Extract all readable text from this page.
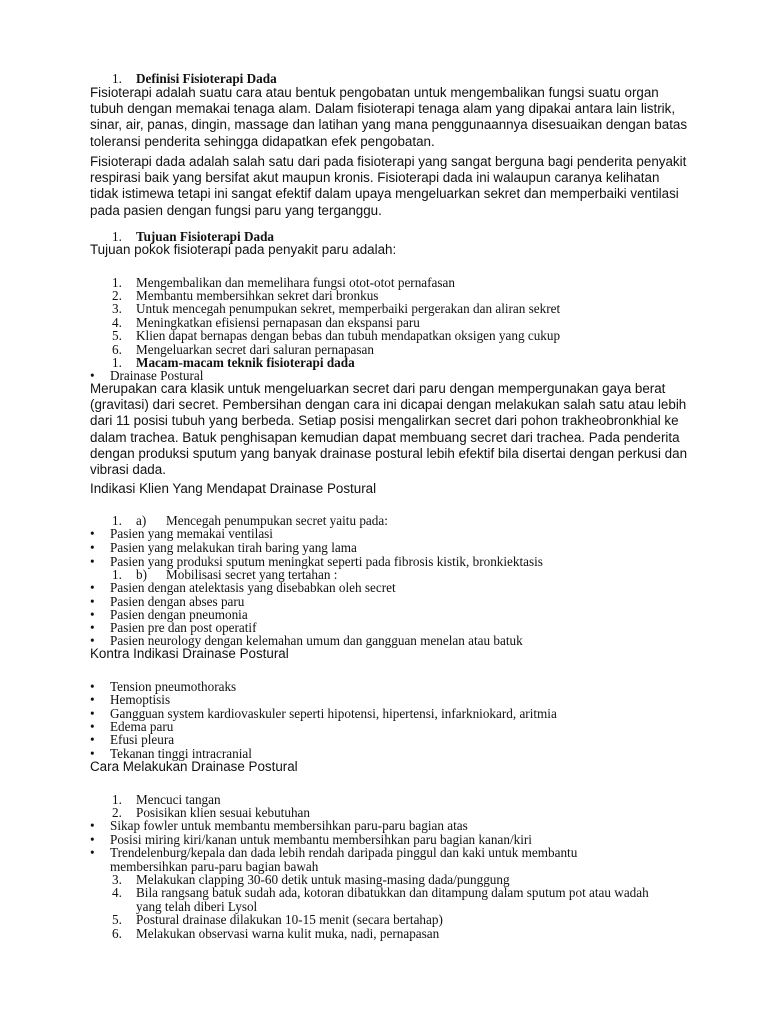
1. Definisi Fisioterapi Dada

Fisioterapi adalah suatu cara atau bentuk pengobatan untuk mengembalikan fungsi suatu organ tubuh dengan memakai tenaga alam. Dalam fisioterapi tenaga alam yang dipakai antara lain listrik, sinar, air, panas, dingin, massage dan latihan yang mana penggunaannya disesuaikan dengan batas toleransi penderita sehingga didapatkan efek pengobatan.

Fisioterapi dada adalah salah satu dari pada fisioterapi yang sangat berguna bagi penderita penyakit respirasi baik yang bersifat akut maupun kronis. Fisioterapi dada ini walaupun caranya kelihatan tidak istimewa tetapi ini sangat efektif dalam upaya mengeluarkan sekret dan memperbaiki ventilasi pada pasien dengan fungsi paru yang terganggu.

1. Tujuan Fisioterapi Dada

Tujuan pokok fisioterapi pada penyakit paru adalah:

1. Mengembalikan dan memelihara fungsi otot-otot pernafasan
2. Membantu membersihkan sekret dari bronkus
3. Untuk mencegah penumpukan sekret, memperbaiki pergerakan dan aliran sekret
4. Meningkatkan efisiensi pernapasan dan ekspansi paru
5. Klien dapat bernapas dengan bebas dan tubuh mendapatkan oksigen yang cukup
6. Mengeluarkan secret dari saluran pernapasan
1. Macam-macam teknik fisioterapi dada
• Drainase Postural

Merupakan cara klasik untuk mengeluarkan secret dari paru dengan mempergunakan gaya berat (gravitasi) dari secret. Pembersihan dengan cara ini dicapai dengan melakukan salah satu atau lebih dari 11 posisi tubuh yang berbeda. Setiap posisi mengalirkan secret dari pohon trakheobronkhial ke dalam trachea. Batuk penghisapan kemudian dapat membuang secret dari trachea. Pada penderita dengan produksi sputum yang banyak drainase postural lebih efektif bila disertai dengan perkusi dan vibrasi dada.

Indikasi Klien Yang Mendapat Drainase Postural

1. a) Mencegah penumpukan secret yaitu pada:
• Pasien yang memakai ventilasi
• Pasien yang melakukan tirah baring yang lama
• Pasien yang produksi sputum meningkat seperti pada fibrosis kistik, bronkiektasis
1. b) Mobilisasi secret yang tertahan :
• Pasien dengan atelektasis yang disebabkan oleh secret
• Pasien dengan abses paru
• Pasien dengan pneumonia
• Pasien pre dan post operatif
• Pasien neurology dengan kelemahan umum dan gangguan menelan atau batuk

Kontra Indikasi Drainase Postural

• Tension pneumothoraks
• Hemoptisis
• Gangguan system kardiovaskuler seperti hipotensi, hipertensi, infarkniokard, aritmia
• Edema paru
• Efusi pleura
• Tekanan tinggi intracranial

Cara Melakukan Drainase Postural

1. Mencuci tangan
2. Posisikan klien sesuai kebutuhan
• Sikap fowler untuk membantu membersihkan paru-paru bagian atas
• Posisi miring kiri/kanan untuk membantu membersihkan paru bagian kanan/kiri
• Trendelenburg/kepala dan dada lebih rendah daripada pinggul dan kaki untuk membantu membersihkan paru-paru bagian bawah
3. Melakukan clapping 30-60 detik untuk masing-masing dada/punggung
4. Bila rangsang batuk sudah ada, kotoran dibatukkan dan ditampung dalam sputum pot atau wadah yang telah diberi Lysol
5. Postural drainase dilakukan 10-15 menit (secara bertahap)
6. Melakukan observasi warna kulit muka, nadi, pernapasan
